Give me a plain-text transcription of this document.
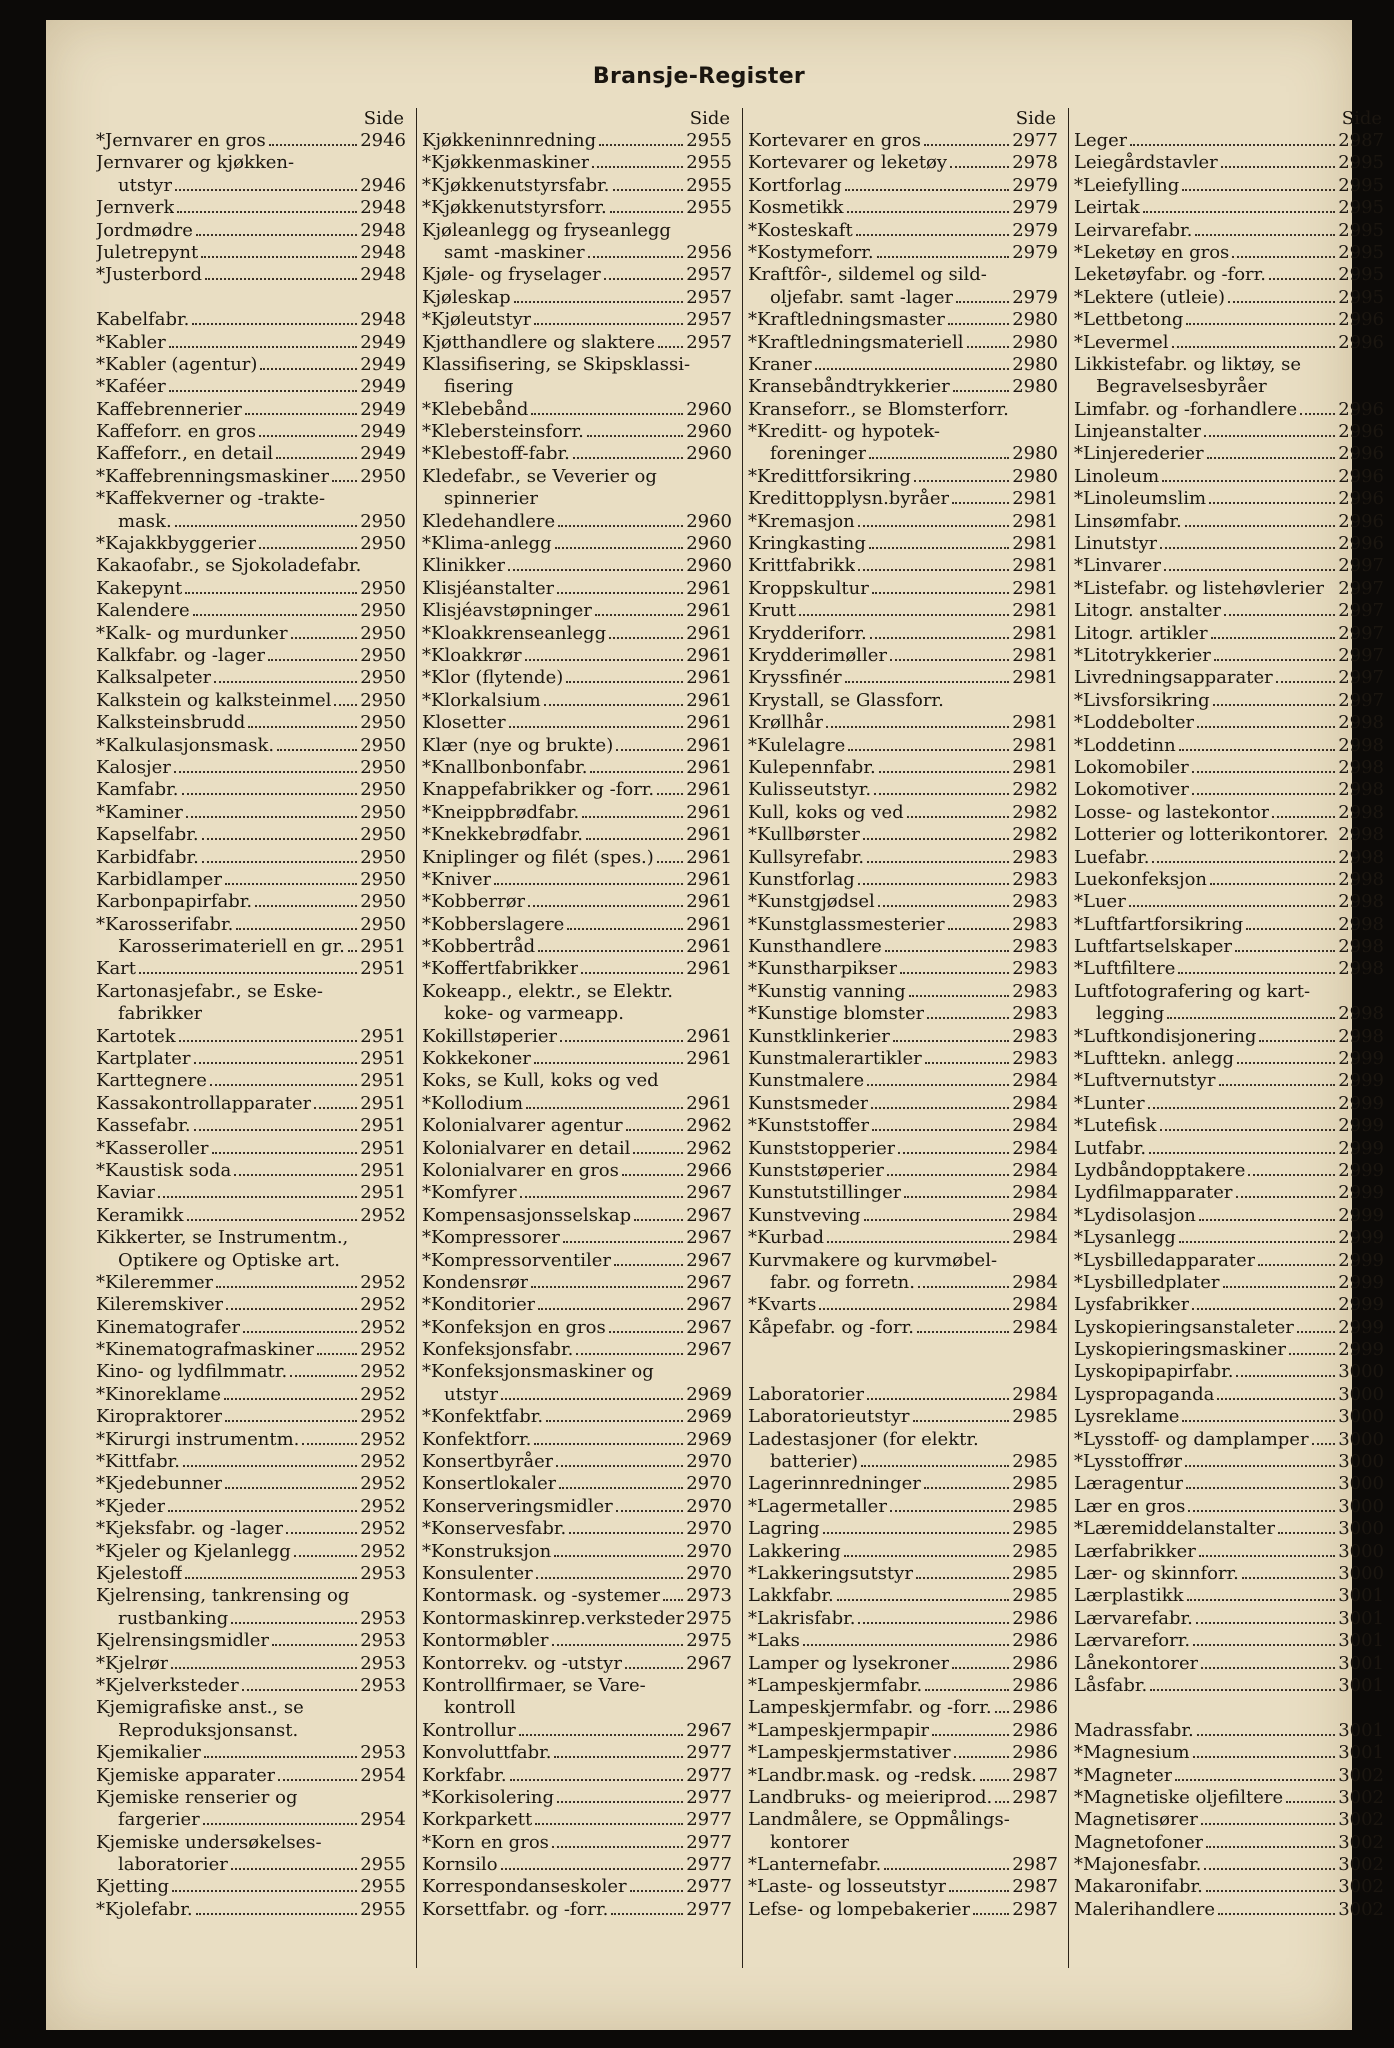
Bransje-Register
Side
*Jernvarer en gros	2946
Jernvarer og kjøkken-
utstyr	2946
Jernverk	2948
Jordmødre	2948
Juletrepynt	2948
*Justerbord	2948
Kabelfabr.	2948
*Kabler	2949
*Kabler (agentur)	2949
*Kaféer	2949
Kaffebrennerier	2949
Kaffeforr. en gros	2949
Kaffeforr., en detail	2949
*Kaffebrenningsmaskiner 2950
*Kaffekverner og -trakte-
mask.	2950
*Kajakkbyggerier	2950
Kakaofabr., se Sjokoladefabr.
Kakepynt	2950
Kalendere	2950
*Kalk- og murdunker	2950
Kalkfabr. og -lager	2950
Kalksalpeter	2950
Kalkstein og kalksteinmel 2950
Kalksteinsbrudd	2950
*Kalkulasjonsmask.	2950
Kalosjer	2950
Kamfabr.	2950
*Kaminer	2950
Kapselfabr.	2950
Karbidfabr.	2950
Karbidlamper	2950
Karbonpapirfabr.	2950
*Karosserifabr.	2950
Karosserimateriell en gr. 2951
Kart	2951
Kartonasjefabr., se Eske-
fabrikker
Kartotek	2951
Kartplater	2951
Karttegnere	2951
Kassakontrollapparater	2951
Kassefabr.	2951
*Kasseroller	2951
*Kaustisk soda	2951
Kaviar	2951
Keramikk	2952
Kikkerter, se Instrumentm.,
Optikere og Optiske art.
*Kileremmer	2952
Kileremskiver	2952
Kinematografer	2952
*Kinematografmaskiner	2952
Kino- og lydfilmmatr.	2952
*Kinoreklame	2952
Kiropraktorer	2952
*Kirurgi instrumentm.	2952
*Kittfabr.	2952
*Kjedebunner	2952
*Kjeder	2952
*Kjeksfabr. og -lager	2952
*Kjeler og Kjelanlegg	2952
Kjelestoff	2953
Kjelrensing, tankrensing og
rustbanking	2953
Kjelrensingsmidler	2953
*Kjelrør	2953
*Kjelverksteder	2953
Kjemigrafiske anst., se
Reproduksjonsanst.
Kjemikalier	2953
Kjemiske apparater	2954
Kjemiske renserier og
fargerier	2954
Kjemiske undersøkelses-
laboratorier	2955
Kjetting	2955
*Kjolefabr.	2955
Side
Kjøkkeninnredning	2955
*Kjøkkenmaskiner	2955
*Kjøkkenutstyrsfabr.	2955
*Kjøkkenutstyrsforr.	2955
Kjøleanlegg og fryseanlegg
samt -maskiner	2956
Kjøle- og fryselager	2957
Kjøleskap	2957
*Kjøleutstyr	2957
Kjøtthandlere og slaktere 2957
Klassifisering, se Skipsklassi-
fisering
*Klebebånd	2960
*Klebersteinsforr.	2960
*Klebestoff-fabr.	2960
Kledefabr., se Veverier og
spinnerier
Kledehandlere	2960
*Klima-anlegg	2960
Klinikker	2960
Klisjéanstalter	2961
Klisjéavstøpninger	2961
*Kloakkrenseanlegg	2961
*Kloakkrør	2961
*Klor (flytende)	2961
*Klorkalsium	2961
Klosetter	2961
Klær (nye og brukte)	2961
*Knallbonbonfabr.	2961
Knappefabrikker og -forr. 2961
*Kneippbrødfabr.	2961
*Knekkebrødfabr.	2961
Kniplinger og filét (spes.) 2961
*Kniver	2961
*Kobberrør	2961
*Kobberslagere	2961
*Kobbertråd	2961
*Koffertfabrikker	2961
Kokeapp., elektr., se Elektr.
koke- og varmeapp.
Kokillstøperier	2961
Kokkekoner	2961
Koks, se Kull, koks og ved
*Kollodium	2961
Kolonialvarer agentur	2962
Kolonialvarer en detail	2962
Kolonialvarer en gros	2966
*Komfyrer	2967
Kompensasjonsselskap	2967
*Kompressorer	2967
*Kompressorventiler	2967
Kondensrør	2967
*Konditorier	2967
*Konfeksjon en gros	2967
Konfeksjonsfabr.	2967
*Konfeksjonsmaskiner og
utstyr	2969
*Konfektfabr.	2969
Konfektforr.	2969
Konsertbyråer	2970
Konsertlokaler	2970
Konserveringsmidler	2970
*Konservesfabr.	2970
*Konstruksjon	2970
Konsulenter	2970
Kontormask. og -systemer 2973
Kontormaskinrep.verksteder 2975
Kontormøbler	2975
Kontorrekv. og -utstyr	2967
Kontrollfirmaer, se Vare-
kontroll
Kontrollur	2967
Konvoluttfabr.	2977
Korkfabr.	2977
*Korkisolering	2977
Korkparkett	2977
*Korn en gros	2977
Kornsilo	2977
Korrespondanseskoler	2977
Korsettfabr. og -forr.	2977
Side
Kortevarer en gros	2977
Kortevarer og leketøy	2978
Kortforlag	2979
Kosmetikk	2979
*Kosteskaft	2979
*Kostymeforr.	2979
Kraftfôr-, sildemel og sild-
oljefabr. samt -lager	2979
*Kraftledningsmaster	2980
*Kraftledningsmateriell	2980
Kraner	2980
Kransebåndtrykkerier	2980
Kranseforr., se Blomsterforr.
*Kreditt- og hypotek-
foreninger	2980
*Kredittforsikring	2980
Kredittopplysn.byråer	2981
*Kremasjon	2981
Kringkasting	2981
Krittfabrikk	2981
Kroppskultur	2981
Krutt	2981
Krydderiforr.	2981
Krydderimøller	2981
Kryssfinér	2981
Krystall, se Glassforr.
Krøllhår	2981
*Kulelagre	2981
Kulepennfabr.	2981
Kulisseutstyr.	2982
Kull, koks og ved	2982
*Kullbørster	2982
Kullsyrefabr.	2983
Kunstforlag	2983
*Kunstgjødsel	2983
*Kunstglassmesterier	2983
Kunsthandlere	2983
*Kunstharpikser	2983
*Kunstig vanning	2983
*Kunstige blomster	2983
Kunstklinkerier	2983
Kunstmalerartikler	2983
Kunstmalere	2984
Kunstsmeder	2984
*Kunststoffer	2984
Kunststopperier	2984
Kunststøperier	2984
Kunstutstillinger	2984
Kunstveving	2984
*Kurbad	2984
Kurvmakere og kurvmøbel-
fabr. og forretn.	2984
*Kvarts	2984
Kåpefabr. og -forr.	2984
Laboratorier	2984
Laboratorieutstyr	2985
Ladestasjoner (for elektr.
batterier)	2985
Lagerinnredninger	2985
*Lagermetaller	2985
Lagring	2985
Lakkering	2985
*Lakkeringsutstyr	2985
Lakkfabr.	2985
*Lakrisfabr.	2986
*Laks	2986
Lamper og lysekroner	2986
*Lampeskjermfabr.	2986
Lampeskjermfabr. og -forr. 2986
*Lampeskjermpapir	2986
*Lampeskjermstativer	2986
*Landbr.mask. og -redsk. 2987
Landbruks- og meieriprod. 2987
Landmålere, se Oppmålings-
kontorer
*Lanternefabr.	2987
*Laste- og losseutstyr	2987
Lefse- og lompebakerier 2987
Side
Leger	2987
Leiegårdstavler	2995
*Leiefylling	2995
Leirtak	2995
Leirvarefabr.	2995
*Leketøy en gros	2995
Leketøyfabr. og -forr.	2995
*Lektere (utleie)	2995
*Lettbetong	2996
*Levermel	2996
Likkistefabr. og liktøy, se
Begravelsesbyråer
Limfabr. og -forhandlere 2996
Linjeanstalter	2996
*Linjerederier	2996
Linoleum	2996
*Linoleumslim	2996
Linsømfabr.	2996
Linutstyr	2996
*Linvarer	2997
*Listefabr. og listehøvlerier 2997
Litogr. anstalter	2997
Litogr. artikler	2997
*Litotrykkerier	2997
Livredningsapparater	2997
*Livsforsikring	2997
*Loddebolter	2998
*Loddetinn	2998
Lokomobiler	2998
Lokomotiver	2998
Losse- og lastekontor	2998
Lotterier og lotterikontorer. 2998
Luefabr.	2998
Luekonfeksjon	2998
*Luer	2998
*Luftfartforsikring	2998
Luftfartselskaper	2998
*Luftfiltere	2998
Luftfotografering og kart-
legging	2998
*Luftkondisjonering	2998
*Lufttekn. anlegg	2999
*Luftvernutstyr	2999
*Lunter	2999
*Lutefisk	2999
Lutfabr.	2999
Lydbåndopptakere	2999
Lydfilmapparater	2999
*Lydisolasjon	2999
*Lysanlegg	2999
*Lysbilledapparater	2999
*Lysbilledplater	2999
Lysfabrikker	2999
Lyskopieringsanstaleter 2999
Lyskopieringsmaskiner	2999
Lyskopipapirfabr.	3000
Lyspropaganda	3000
Lysreklame	3000
*Lysstoff- og damplamper 3000
*Lysstoffrør	3000
Læragentur	3000
Lær en gros	3000
*Læremiddelanstalter	3000
Lærfabrikker	3000
Lær- og skinnforr.	3000
Lærplastikk	3001
Lærvarefabr.	3001
Lærvareforr.	3001
Lånekontorer	3001
Låsfabr.	3001
Madrassfabr.	3001
*Magnesium	3001
*Magneter	3002
*Magnetiske oljefiltere	3002
Magnetisører	3002
Magnetofoner	3002
*Majonesfabr.	3002
Makaronifabr.	3002
Malerihandlere	3002
